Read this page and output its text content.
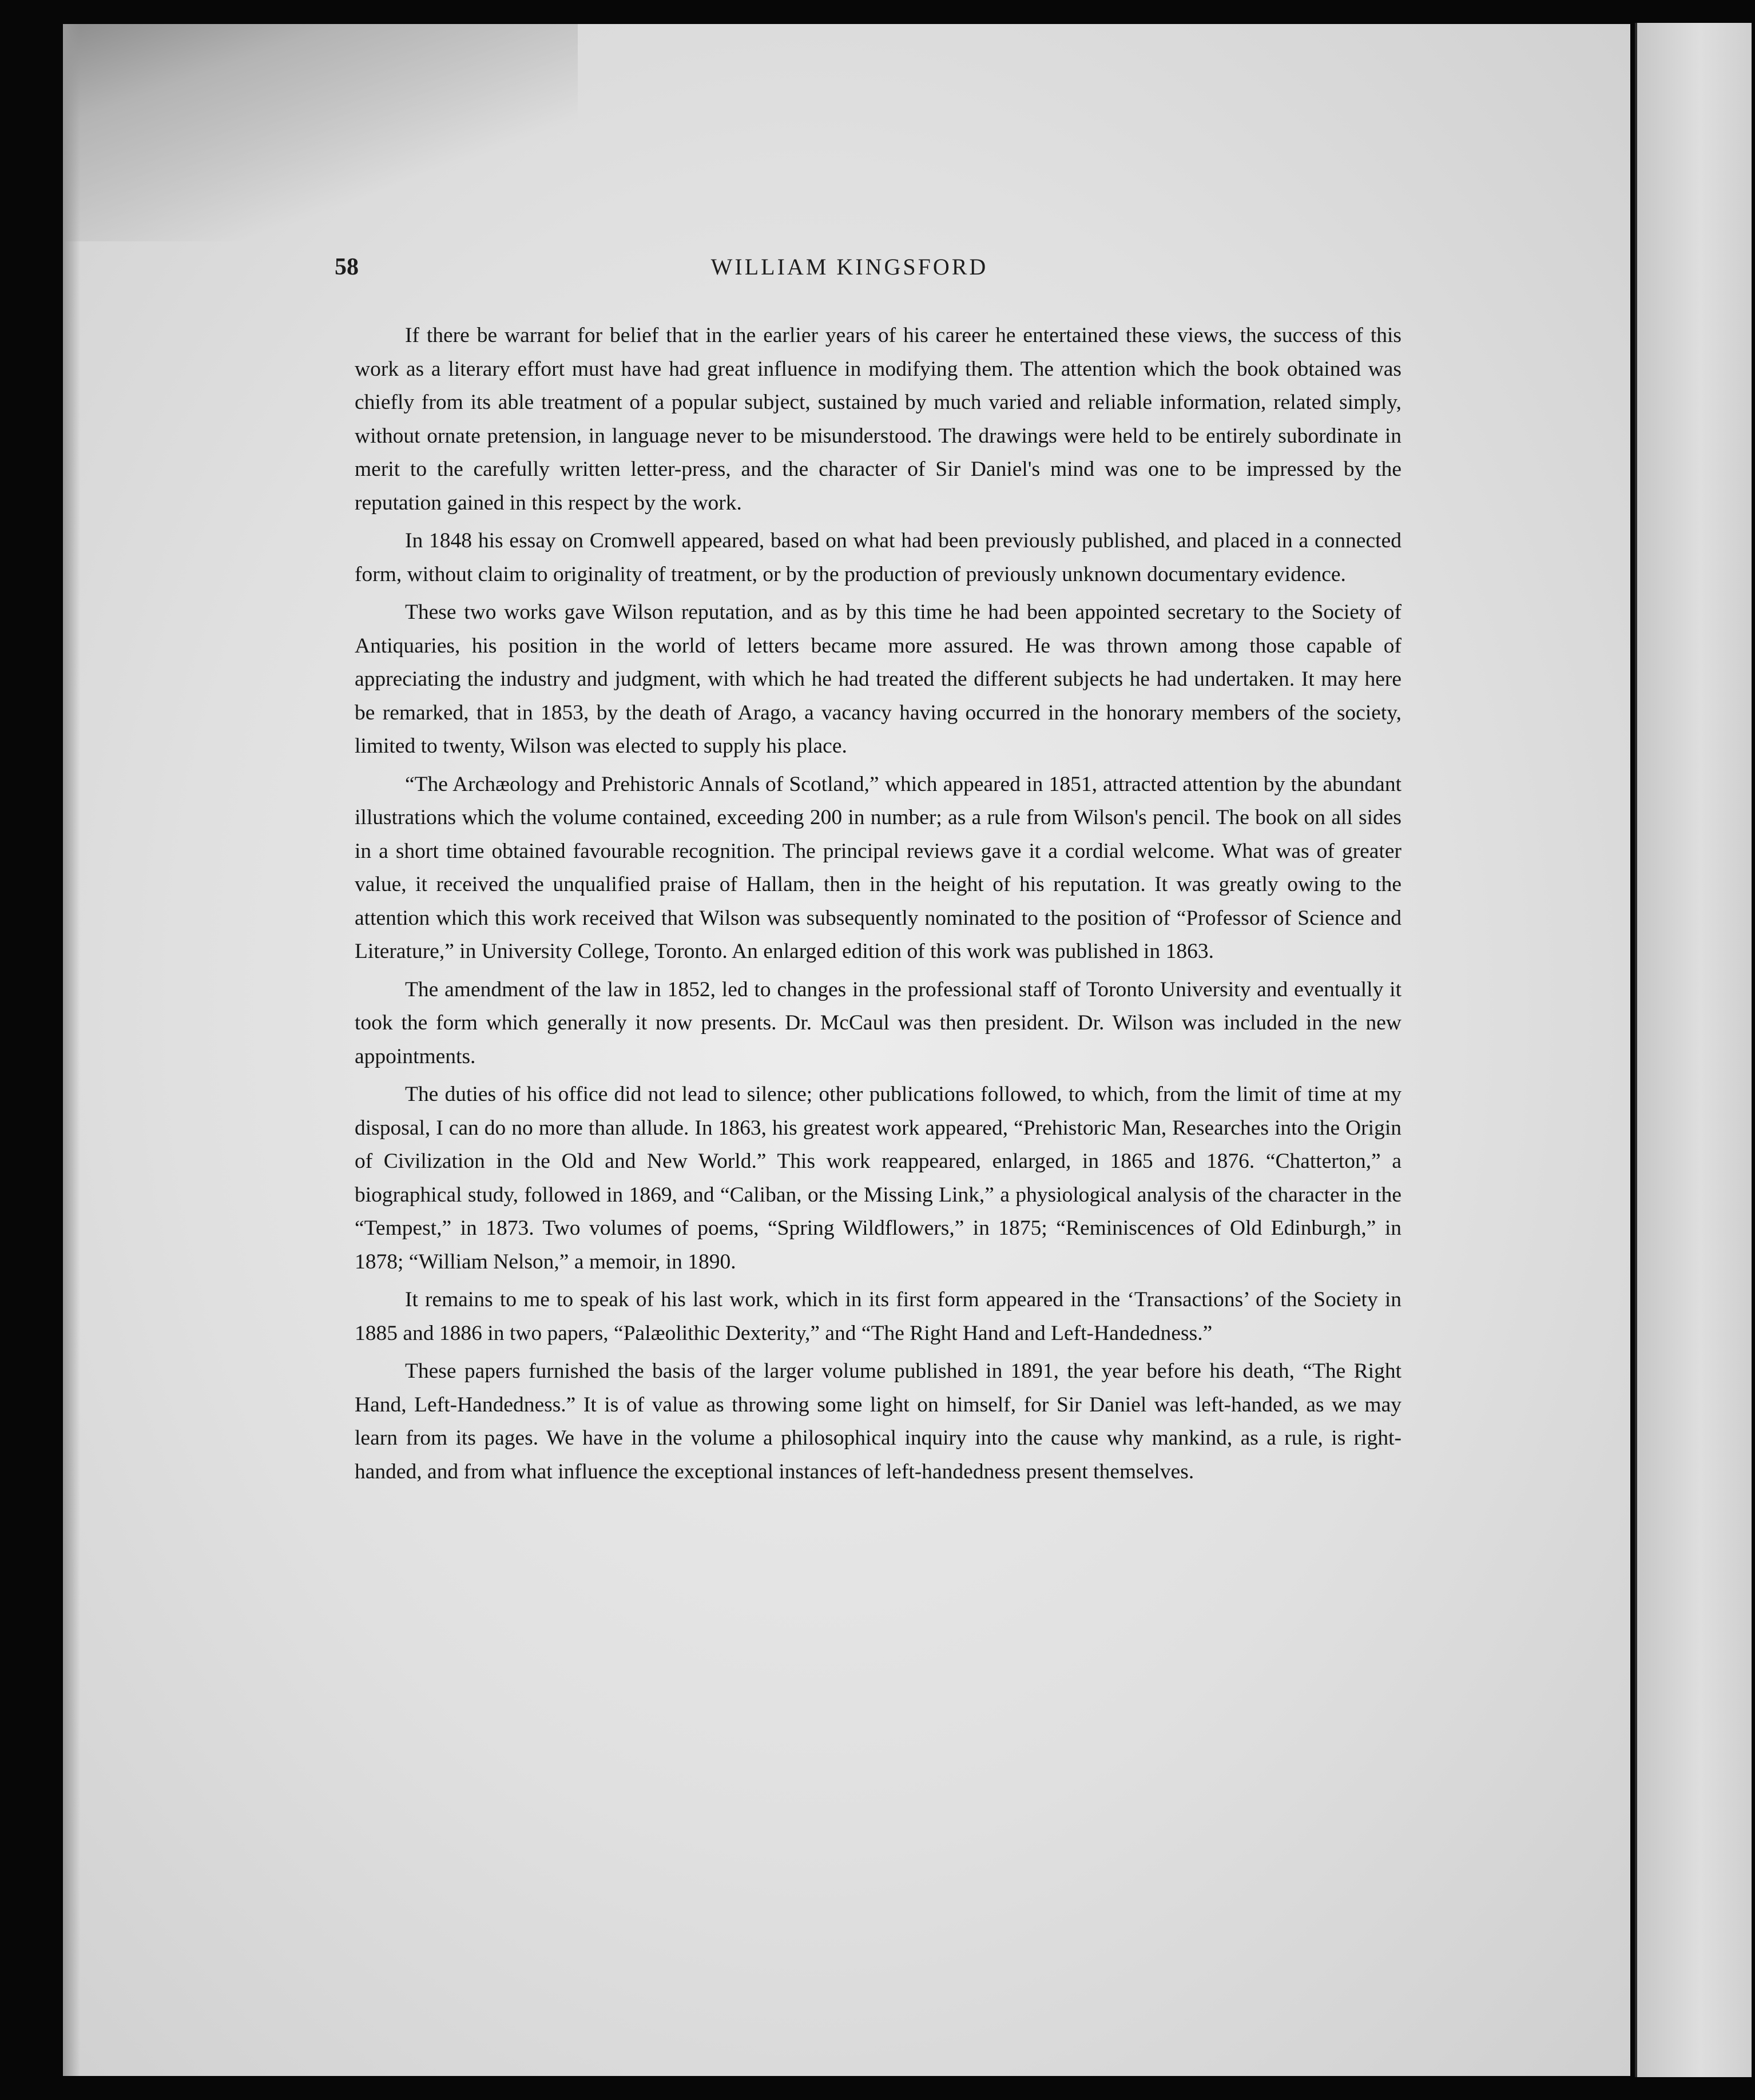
58	WILLIAM KINGSFORD

If there be warrant for belief that in the earlier years of his career he entertained these views, the success of this work as a literary effort must have had great influence in modifying them. The attention which the book obtained was chiefly from its able treatment of a popular subject, sustained by much varied and reliable information, related simply, without ornate pretension, in language never to be misunderstood. The drawings were held to be entirely subordinate in merit to the carefully written letter-press, and the character of Sir Daniel's mind was one to be impressed by the reputation gained in this respect by the work.

In 1848 his essay on Cromwell appeared, based on what had been previously published, and placed in a connected form, without claim to originality of treatment, or by the production of previously unknown documentary evidence.

These two works gave Wilson reputation, and as by this time he had been appointed secretary to the Society of Antiquaries, his position in the world of letters became more assured. He was thrown among those capable of appreciating the industry and judgment, with which he had treated the different subjects he had undertaken. It may here be remarked, that in 1853, by the death of Arago, a vacancy having occurred in the honorary members of the society, limited to twenty, Wilson was elected to supply his place.

“The Archæology and Prehistoric Annals of Scotland,” which appeared in 1851, attracted attention by the abundant illustrations which the volume contained, exceeding 200 in number; as a rule from Wilson's pencil. The book on all sides in a short time obtained favourable recognition. The principal reviews gave it a cordial welcome. What was of greater value, it received the unqualified praise of Hallam, then in the height of his reputation. It was greatly owing to the attention which this work received that Wilson was subsequently nominated to the position of “Professor of Science and Literature,” in University College, Toronto. An enlarged edition of this work was published in 1863.

The amendment of the law in 1852, led to changes in the professional staff of Toronto University and eventually it took the form which generally it now presents. Dr. McCaul was then president. Dr. Wilson was included in the new appointments.

The duties of his office did not lead to silence; other publications followed, to which, from the limit of time at my disposal, I can do no more than allude. In 1863, his greatest work appeared, “Prehistoric Man, Researches into the Origin of Civilization in the Old and New World.” This work reappeared, enlarged, in 1865 and 1876. “Chatterton,” a biographical study, followed in 1869, and “Caliban, or the Missing Link,” a physiological analysis of the character in the “Tempest,” in 1873. Two volumes of poems, “Spring Wildflowers,” in 1875; “Reminiscences of Old Edinburgh,” in 1878; “William Nelson,” a memoir, in 1890.

It remains to me to speak of his last work, which in its first form appeared in the ‘Transactions’ of the Society in 1885 and 1886 in two papers, “Palæolithic Dexterity,” and “The Right Hand and Left-Handedness.”

These papers furnished the basis of the larger volume published in 1891, the year before his death, “The Right Hand, Left-Handedness.” It is of value as throwing some light on himself, for Sir Daniel was left-handed, as we may learn from its pages. We have in the volume a philosophical inquiry into the cause why mankind, as a rule, is right-handed, and from what influence the exceptional instances of left-handedness present themselves.
